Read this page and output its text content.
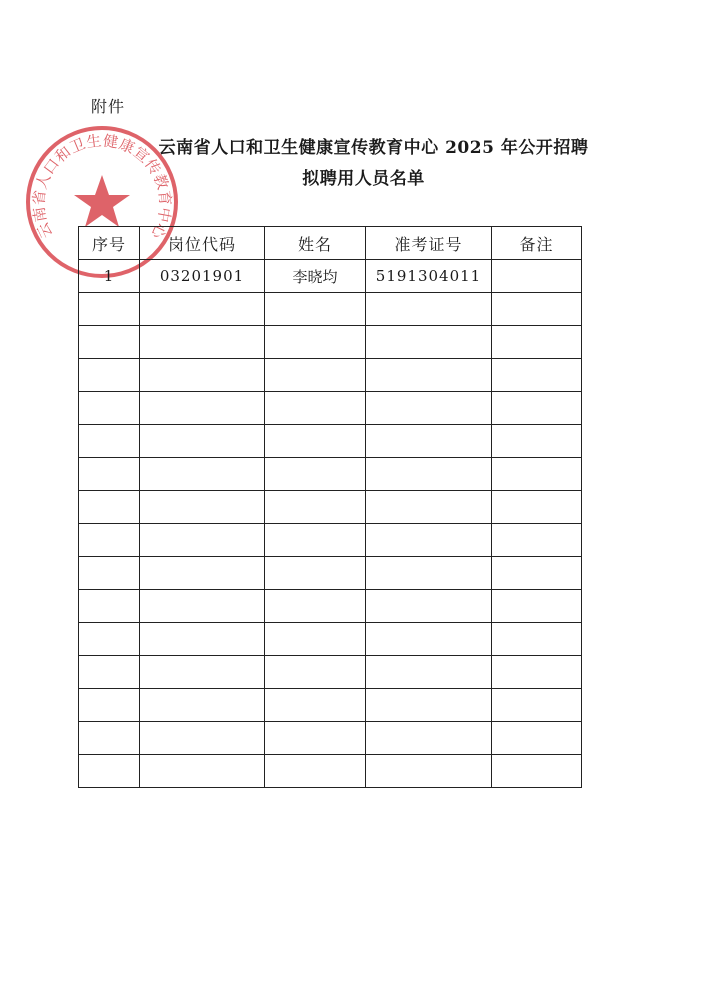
附件
云南省人口和卫生健康宣传教育中心
云南省人口和卫生健康宣传教育中心 2025 年公开招聘
拟聘用人员名单
序号	岗位代码	姓名	准考证号	备注
1	03201901	李晓均	5191304011	
